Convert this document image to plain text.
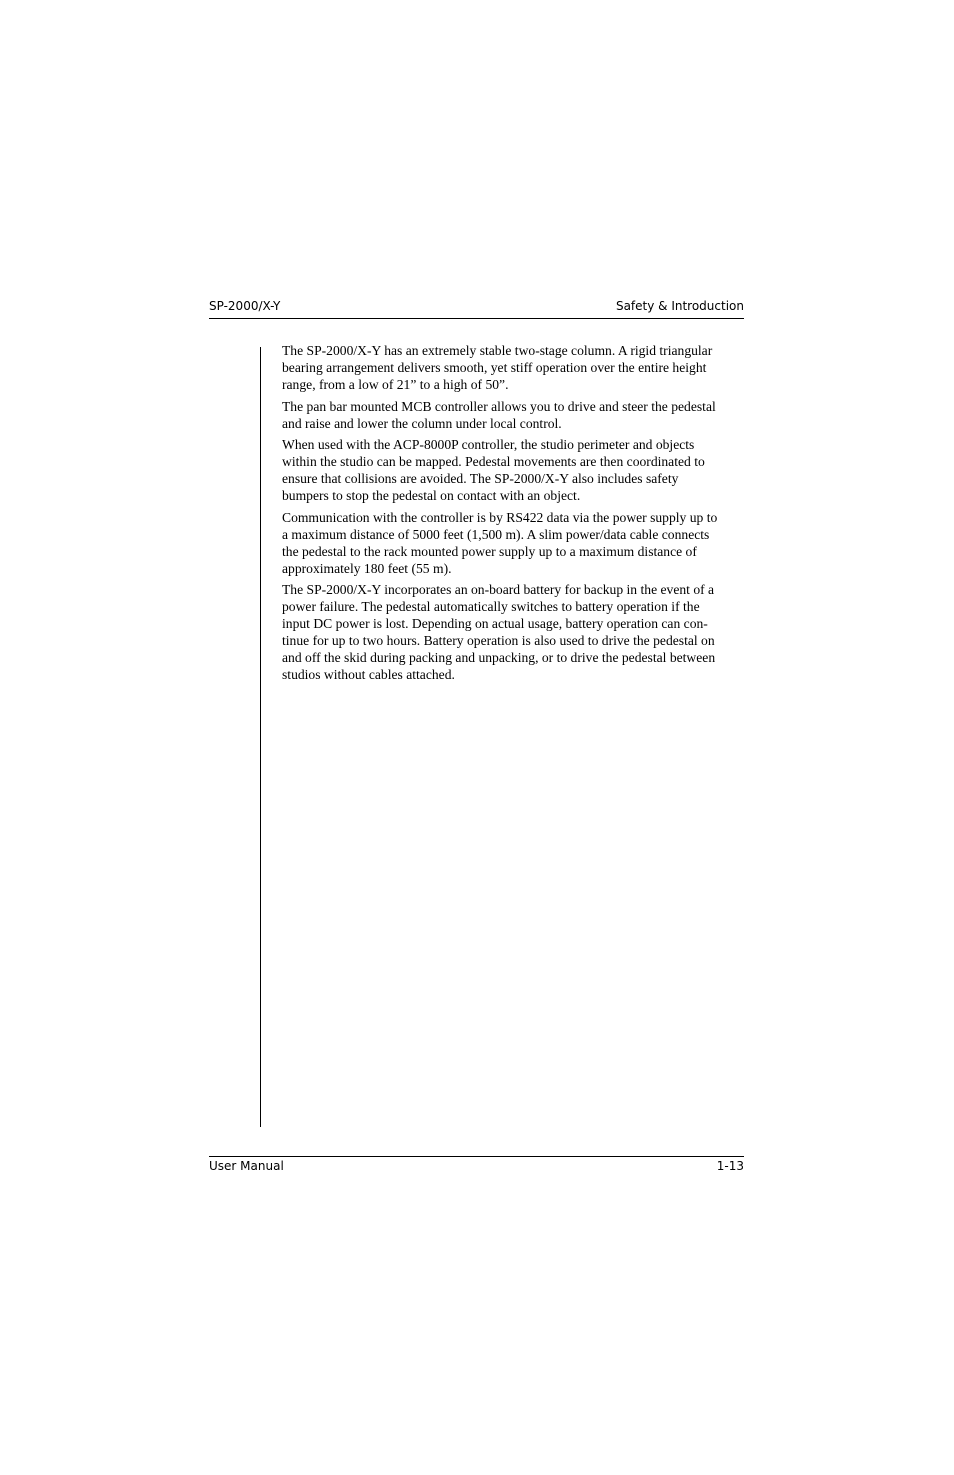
SP-2000/X-Y	Safety & Introduction

The SP-2000/X-Y has an extremely stable two-stage column. A rigid triangular
bearing arrangement delivers smooth, yet stiff operation over the entire height
range, from a low of 21” to a high of 50”.

The pan bar mounted MCB controller allows you to drive and steer the pedestal
and raise and lower the column under local control.

When used with the ACP-8000P controller, the studio perimeter and objects
within the studio can be mapped. Pedestal movements are then coordinated to
ensure that collisions are avoided. The SP-2000/X-Y also includes safety
bumpers to stop the pedestal on contact with an object.

Communication with the controller is by RS422 data via the power supply up to
a maximum distance of 5000 feet (1,500 m). A slim power/data cable connects
the pedestal to the rack mounted power supply up to a maximum distance of
approximately 180 feet (55 m).

The SP-2000/X-Y incorporates an on-board battery for backup in the event of a
power failure. The pedestal automatically switches to battery operation if the
input DC power is lost. Depending on actual usage, battery operation can con-
tinue for up to two hours. Battery operation is also used to drive the pedestal on
and off the skid during packing and unpacking, or to drive the pedestal between
studios without cables attached.

User Manual	1-13
